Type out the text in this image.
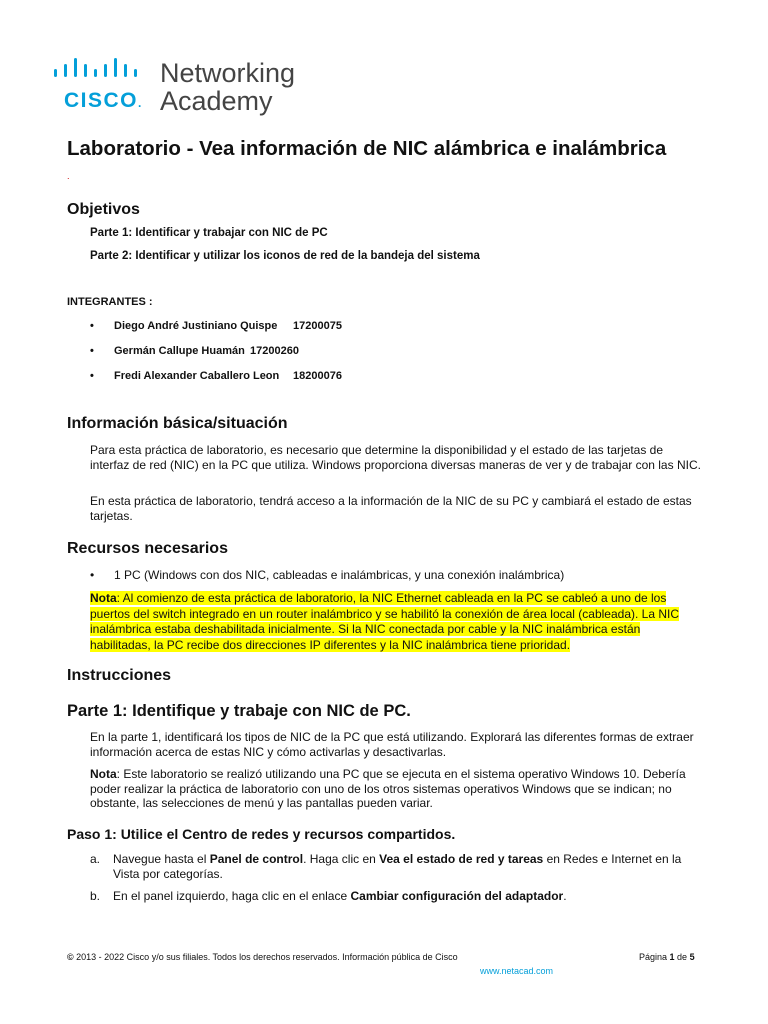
CISCO.
Networking
Academy
Laboratorio - Vea información de NIC alámbrica e inalámbrica
.
Objetivos
Parte 1: Identificar y trabajar con NIC de PC
Parte 2: Identificar y utilizar los iconos de red de la bandeja del sistema
INTEGRANTES :
• Diego André Justiniano Quispe 17200075
• Germán Callupe Huamán 17200260
• Fredi Alexander Caballero Leon 18200076
Información básica/situación
Para esta práctica de laboratorio, es necesario que determine la disponibilidad y el estado de las tarjetas de interfaz de red (NIC) en la PC que utiliza. Windows proporciona diversas maneras de ver y de trabajar con las NIC.
En esta práctica de laboratorio, tendrá acceso a la información de la NIC de su PC y cambiará el estado de estas tarjetas.
Recursos necesarios
• 1 PC (Windows con dos NIC, cableadas e inalámbricas, y una conexión inalámbrica)
Nota: Al comienzo de esta práctica de laboratorio, la NIC Ethernet cableada en la PC se cableó a uno de los puertos del switch integrado en un router inalámbrico y se habilitó la conexión de área local (cableada). La NIC inalámbrica estaba deshabilitada inicialmente. Si la NIC conectada por cable y la NIC inalámbrica están habilitadas, la PC recibe dos direcciones IP diferentes y la NIC inalámbrica tiene prioridad.
Instrucciones
Parte 1: Identifique y trabaje con NIC de PC.
En la parte 1, identificará los tipos de NIC de la PC que está utilizando. Explorará las diferentes formas de extraer información acerca de estas NIC y cómo activarlas y desactivarlas.
Nota: Este laboratorio se realizó utilizando una PC que se ejecuta en el sistema operativo Windows 10. Debería poder realizar la práctica de laboratorio con uno de los otros sistemas operativos Windows que se indican; no obstante, las selecciones de menú y las pantallas pueden variar.
Paso 1: Utilice el Centro de redes y recursos compartidos.
a. Navegue hasta el Panel de control. Haga clic en Vea el estado de red y tareas en Redes e Internet en la Vista por categorías.
b. En el panel izquierdo, haga clic en el enlace Cambiar configuración del adaptador.
© 2013 - 2022 Cisco y/o sus filiales. Todos los derechos reservados. Información pública de Cisco	Página 1 de 5
www.netacad.com
